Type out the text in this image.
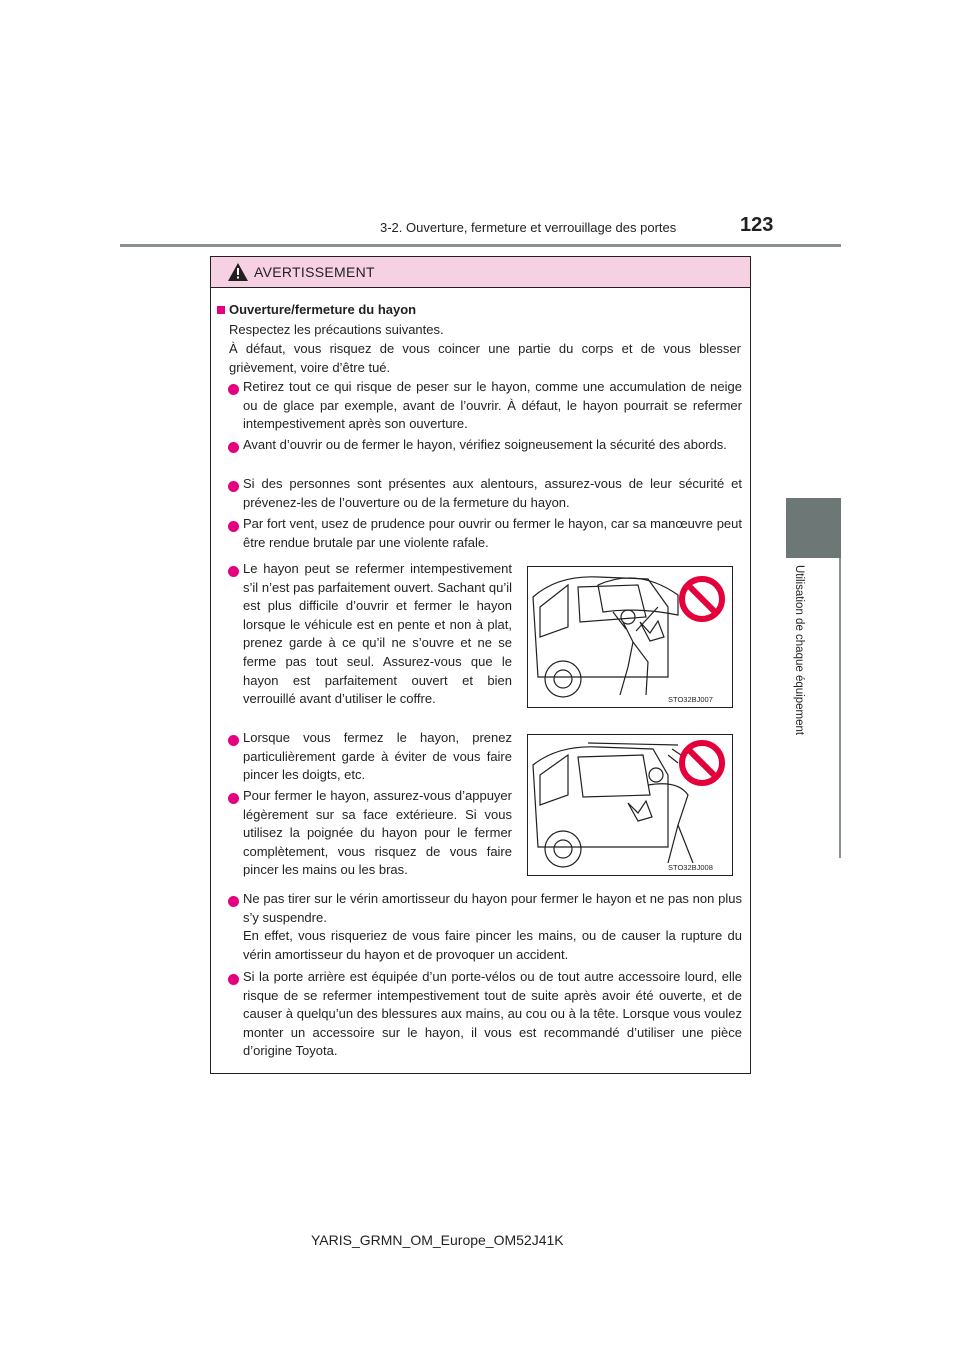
3-2. Ouverture, fermeture et verrouillage des portes	123
3
Utilisation de chaque équipement
AVERTISSEMENT
Ouverture/fermeture du hayon
Respectez les précautions suivantes.
À défaut, vous risquez de vous coincer une partie du corps et de vous blesser grièvement, voire d’être tué.
Retirez tout ce qui risque de peser sur le hayon, comme une accumulation de neige ou de glace par exemple, avant de l’ouvrir. À défaut, le hayon pourrait se refermer intempestivement après son ouverture.
Avant d’ouvrir ou de fermer le hayon, vérifiez soigneusement la sécurité des abords.
Si des personnes sont présentes aux alentours, assurez-vous de leur sécurité et prévenez-les de l’ouverture ou de la fermeture du hayon.
Par fort vent, usez de prudence pour ouvrir ou fermer le hayon, car sa manœuvre peut être rendue brutale par une violente rafale.
Le hayon peut se refermer intempestivement s’il n’est pas parfaitement ouvert. Sachant qu’il est plus difficile d’ouvrir et fermer le hayon lorsque le véhicule est en pente et non à plat, prenez garde à ce qu’il ne s’ouvre et ne se ferme pas tout seul. Assurez-vous que le hayon est parfaitement ouvert et bien verrouillé avant d’utiliser le coffre.	STO32BJ007
Lorsque vous fermez le hayon, prenez particulièrement garde à éviter de vous faire pincer les doigts, etc.
Pour fermer le hayon, assurez-vous d’appuyer légèrement sur sa face extérieure. Si vous utilisez la poignée du hayon pour le fermer complètement, vous risquez de vous faire pincer les mains ou les bras.	STO32BJ008
Ne pas tirer sur le vérin amortisseur du hayon pour fermer le hayon et ne pas non plus s’y suspendre.
En effet, vous risqueriez de vous faire pincer les mains, ou de causer la rupture du vérin amortisseur du hayon et de provoquer un accident.
Si la porte arrière est équipée d’un porte-vélos ou de tout autre accessoire lourd, elle risque de se refermer intempestivement tout de suite après avoir été ouverte, et de causer à quelqu’un des blessures aux mains, au cou ou à la tête. Lorsque vous voulez monter un accessoire sur le hayon, il vous est recommandé d’utiliser une pièce d’origine Toyota.
YARIS_GRMN_OM_Europe_OM52J41K
